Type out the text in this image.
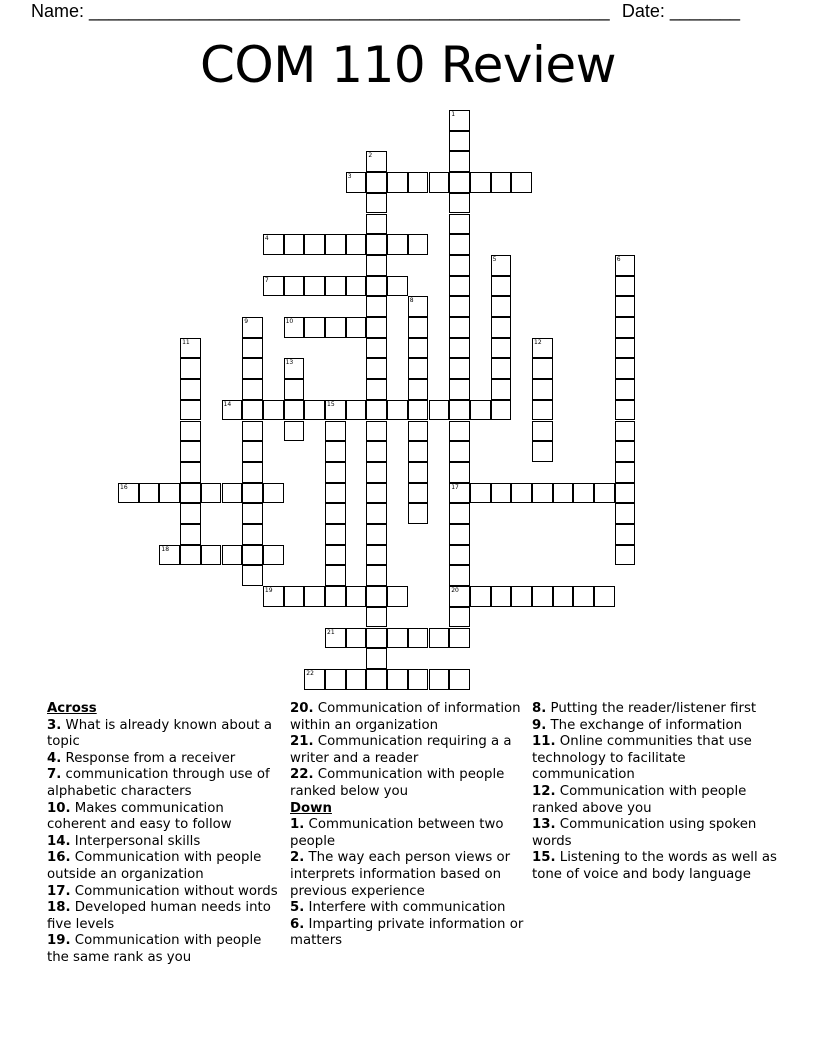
Name: ____________________________________________________ Date: _______
COM 110 Review
1
17
20
2
3
4
5	6
7
8
9	10
11	12
13
14	15
16
18
19
21
22
Across
3. What is already known about a topic
4. Response from a receiver
7. communication through use of alphabetic characters
10. Makes communication coherent and easy to follow
14. Interpersonal skills
16. Communication with people outside an organization
17. Communication without words
18. Developed human needs into five levels
19. Communication with people the same rank as you
20. Communication of information within an organization
21. Communication requiring a a writer and a reader
22. Communication with people ranked below you
Down
1. Communication between two people
2. The way each person views or interprets information based on previous experience
5. Interfere with communication
6. Imparting private information or matters
8. Putting the reader/listener first
9. The exchange of information
11. Online communities that use technology to facilitate communication
12. Communication with people ranked above you
13. Communication using spoken words
15. Listening to the words as well as tone of voice and body language
